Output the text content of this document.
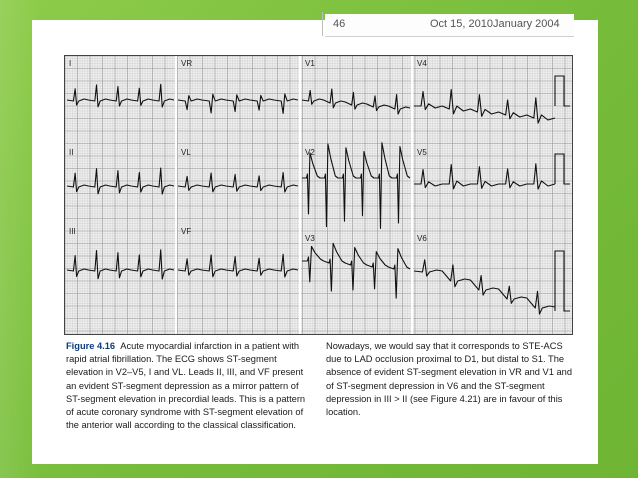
46	Oct 15, 2010January 2004
I	VR	V1	V4
II	VL	V2	V5
III	VF
V3	V6
Figure 4.16 Acute myocardial infarction in a patient with rapid atrial fibrillation. The ECG shows ST-segment elevation in V2–V5, I and VL. Leads II, III, and VF present an evident ST-segment depression as a mirror pattern of ST-segment elevation in precordial leads. This is a pattern of acute coronary syndrome with ST-segment elevation of the anterior wall according to the classical classification.
Nowadays, we would say that it corresponds to STE-ACS due to LAD occlusion proximal to D1, but distal to S1. The absence of evident ST-segment elevation in VR and V1 and of ST-segment depression in V6 and the ST-segment depression in III > II (see Figure 4.21) are in favour of this location.
